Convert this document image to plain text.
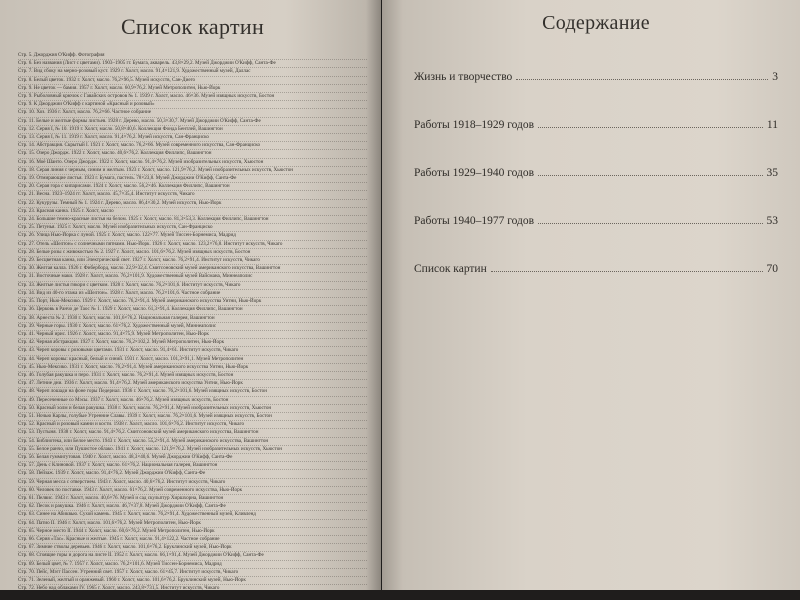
Список картин
Стр. 5. Джорджия О'Кифф. Фотография
Стр. 6. Без названия (Лист с цветами). 1903–1905 гг. Бумага, акварель. 43,8×29,2. Музей Джорджии О'Кифф, Санта-Фе
Стр. 7. Вид сбоку на мерно-розовый куст. 1929 г. Холст, масло. 91,4×121,9. Художественный музей, Даллас
Стр. 8. Белый цветок. 1932 г. Холст, масло. 76,2×96,5. Музей искусств, Сан-Диего
Стр. 9. Не цветок — бамия. 1957 г. Холст, масло. 60,9×76,2. Музей Метрополитен, Нью-Йорк
Стр. 9. Рыболовный крючок с Гавайских островов № 1. 1939 г. Холст, масло. 46×36. Музей изящных искусств, Бостон
Стр. 9. К Джорджии О'Кифф с картиной «Красный и розовый»
Стр. 10. Хоз. 1936 г. Холст, масло. 76,2×66. Частное собрание
Стр. 11. Белые и желтые формы листьев. 1928 г. Дерево, масло. 50,3×30,7. Музей Джорджии О'Кифф, Санта-Фе
Стр. 12. Серия I, № 10. 1919 г. Холст, масло. 50,8×40,6. Коллекция Фонда Бентлей, Вашингтон
Стр. 13. Серия I, № 11. 1919 г. Холст, масло. 91,4×76,2. Музей искусств, Сан-Франциско
Стр. 14. Абстракция. Скрытый I. 1921 г. Холст, масло. 76,2×66. Музей современного искусства, Сан-Франциско
Стр. 15. Озеро Джордж. 1922 г. Холст, масло. 40,6×76,2. Коллекция Филлипс, Вашингтон
Стр. 16. Моё Шанто. Озеро Джордж. 1922 г. Холст, масло. 91,4×76,2. Музей изобразительных искусств, Хьюстон
Стр. 18. Серая линия с черным, синим и желтым. 1923 г. Холст, масло. 121,9×76,2. Музей изобразительных искусств, Хьюстон
Стр. 19. Отмирающие листья. 1923 г. Бумага, пастель. 78×23,8. Музей Джорджии О'Кифф, Санта-Фе
Стр. 20. Серая гора с кипарисами. 1924 г. Холст, масло. 56,2×46. Коллекция Филлипс, Вашингтон
Стр. 21. Весна. 1923–1924 гг. Холст, масло. 45,7×35,4. Институт искусств, Чикаго
Стр. 22. Кукурузы. Темный № 1. 1924 г. Дерево, масло. 86,4×30,2. Музей искусств, Нью-Йорк
Стр. 23. Красная канна. 1925 г. Холст, масло
Стр. 24. Большие темно-красные листья на белом. 1925 г. Холст, масло. 81,3×53,3. Коллекция Филлипс, Вашингтон
Стр. 25. Петунья. 1925 г. Холст, масло. Музей изобразительных искусств, Сан-Франциско
Стр. 26. Улица Нью-Йорка с луной. 1925 г. Холст, масло. 122×77. Музей Тиссен-Борнемиса, Мадрид
Стр. 27. Отель «Шелтон» с солнечными пятнами. Нью-Йорк. 1926 г. Холст, масло. 123,2×76,8. Институт искусств, Чикаго
Стр. 28. Белые розы с живокостью № 2. 1927 г. Холст, масло. 101,6×76,2. Музей изящных искусств, Бостон
Стр. 29. Бесцветная канна, или Электрический свет. 1927 г. Холст, масло. 76,2×91,4. Институт искусств, Чикаго
Стр. 30. Желтая калла. 1926 г. Фиберборд, масло. 22,9×32,4. Смитсоновский музей американского искусства, Вашингтон
Стр. 31. Восточные маки. 1928 г. Холст, масло. 76,2×101,9. Художественный музей Вайсмана, Миннеаполис
Стр. 33. Желтые листья гикори с цветком. 1928 г. Холст, масло. 76,2×101,6. Институт искусств, Чикаго
Стр. 34. Вид из 40-го этажа из «Шелтон». 1928 г. Холст, масло. 76,2×101,6. Частное собрание
Стр. 35. Порт, Нью-Мексико. 1929 г. Холст, масло. 76,2×91,4. Музей американского искусства Уитни, Нью-Йорк
Стр. 36. Церковь в Ранчо де Таос № 1. 1929 г. Холст, масло. 61,3×91,4. Коллекция Филлипс, Вашингтон
Стр. 38. Арнеста № 2. 1930 г. Холст, масло. 101,6×76,2. Национальная галерея, Вашингтон
Стр. 39. Черные горы. 1930 г. Холст, масло. 61×76,2. Художественный музей, Миннеаполис
Стр. 41. Черный ирис. 1926 г. Холст, масло. 91,4×75,9. Музей Метрополитен, Нью-Йорк
Стр. 42. Черная абстракция. 1927 г. Холст, масло. 76,2×102,2. Музей Метрополитен, Нью-Йорк
Стр. 43. Череп коровы с розовыми цветами. 1931 г. Холст, масло. 91,4×61. Институт искусств, Чикаго
Стр. 44. Череп коровы: красный, белый и синий. 1931 г. Холст, масло. 101,3×91,1. Музей Метрополитен
Стр. 45. Нью-Мексико. 1931 г. Холст, масло. 76,2×91,4. Музей американского искусства Уитни, Нью-Йорк
Стр. 46. Голубая ракушка и перо. 1931 г. Холст, масло. 76,2×91,4. Музей изящных искусств, Бостон
Стр. 47. Летние дни. 1936 г. Холст, масло. 91,4×76,2. Музей американского искусства Уитни, Нью-Йорк
Стр. 48. Череп лошади на фоне горы Педернал. 1936 г. Холст, масло. 76,2×101,6. Музей изящных искусств, Бостон
Стр. 49. Пересеченные со Мэсы. 1937 г. Холст, масло. 46×76,2. Музей изящных искусств, Бостон
Стр. 50. Красный холм и белая ракушка. 1938 г. Холст, масло. 76,2×91,4. Музей изобразительных искусств, Хьюстон
Стр. 51. Ночью Карлы, голубые Утренние Славы. 1939 г. Холст, масло. 76,2×101,6. Музей изящных искусств, Бостон
Стр. 52. Красный и розовый камни и кости. 1938 г. Холст, масло. 101,6×76,2. Институт искусств, Чикаго
Стр. 53. Пустыня. 1938 г. Холст, масло. 91,4×76,2. Смитсоновский музей американского искусства, Вашингтон
Стр. 54. Библиотека, или Белое место. 1943 г. Холст, масло. 55,2×91,4. Музей американского искусства, Вашингтон
Стр. 55. Белое ранчо, или Пушистое облако. 1941 г. Холст, масло. 121,9×76,2. Музей изобразительных искусств, Хьюстон
Стр. 56. Белая гуммигутовая. 1940 г. Холст, масло. 48,3×40,6. Музей Джорджии О'Кифф, Санта-Фе
Стр. 57. День с Клиновой. 1937 г. Холст, масло. 61×76,2. Национальная галерея, Вашингтон
Стр. 58. Пейзаж. 1939 г. Холст, масло. 91,4×76,2. Музей Джорджии О'Кифф, Санта-Фе
Стр. 59. Черная месса с отверстием. 1943 г. Холст, масло. 40,6×76,2. Институт искусств, Чикаго
Стр. 60. Человек по поставке. 1943 г. Холст, масло. 61×76,2. Музей современного искусства, Нью-Йорк
Стр. 61. Пелвис. 1943 г. Холст, масло. 40,6×76. Музей и сад скульптур Хиршхорна, Вашингтон
Стр. 62. Песок и ракушка. 1946 г. Холст, масло. 46,7×37,8. Музей Джорджии О'Кифф, Санта-Фе
Стр. 63. Синее на Абиквью. Сухой камень. 1945 г. Холст, масло. 76,2×91,4. Художественный музей, Кливленд
Стр. 64. Патио II. 1946 г. Холст, масло. 101,6×76,2. Музей Метрополитен, Нью-Йорк
Стр. 65. Черное место II. 1944 г. Холст, масло. 60,6×76,2. Музей Метрополитен, Нью-Йорк
Стр. 66. Серия «Тас». Красные и желтые. 1945 г. Холст, масло. 91,4×122,2. Частное собрание
Стр. 67. Зимние стволы деревьев. 1946 г. Холст, масло. 101,6×76,2. Бруклинский музей, Нью-Йорк
Стр. 68. Стоящие горы и дорога на листе II. 1952 г. Холст, масло. 66,1×91,4. Музей Джорджии О'Кифф, Санта-Фе
Стр. 69. Белый цвет, № 7. 1957 г. Холст, масло. 76,2×101,6. Музей Тиссен-Борнемиса, Мадрид
Стр. 70. Пейс, Мэгг Пассен. Утренний свет. 1957 г. Холст, масло. 61×45,7. Институт искусств, Чикаго
Стр. 71. Зеленый, желтый и оранжевый. 1960 г. Холст, масло. 101,6×76,2. Бруклинский музей, Нью-Йорк
Стр. 72. Небо над облаками IV. 1965 г. Холст, масло. 243,8×731,5. Институт искусств, Чикаго
Содержание
Жизнь и творчество	3
Работы 1918–1929 годов	11
Работы 1929–1940 годов	35
Работы 1940–1977 годов	53
Список картин	70
